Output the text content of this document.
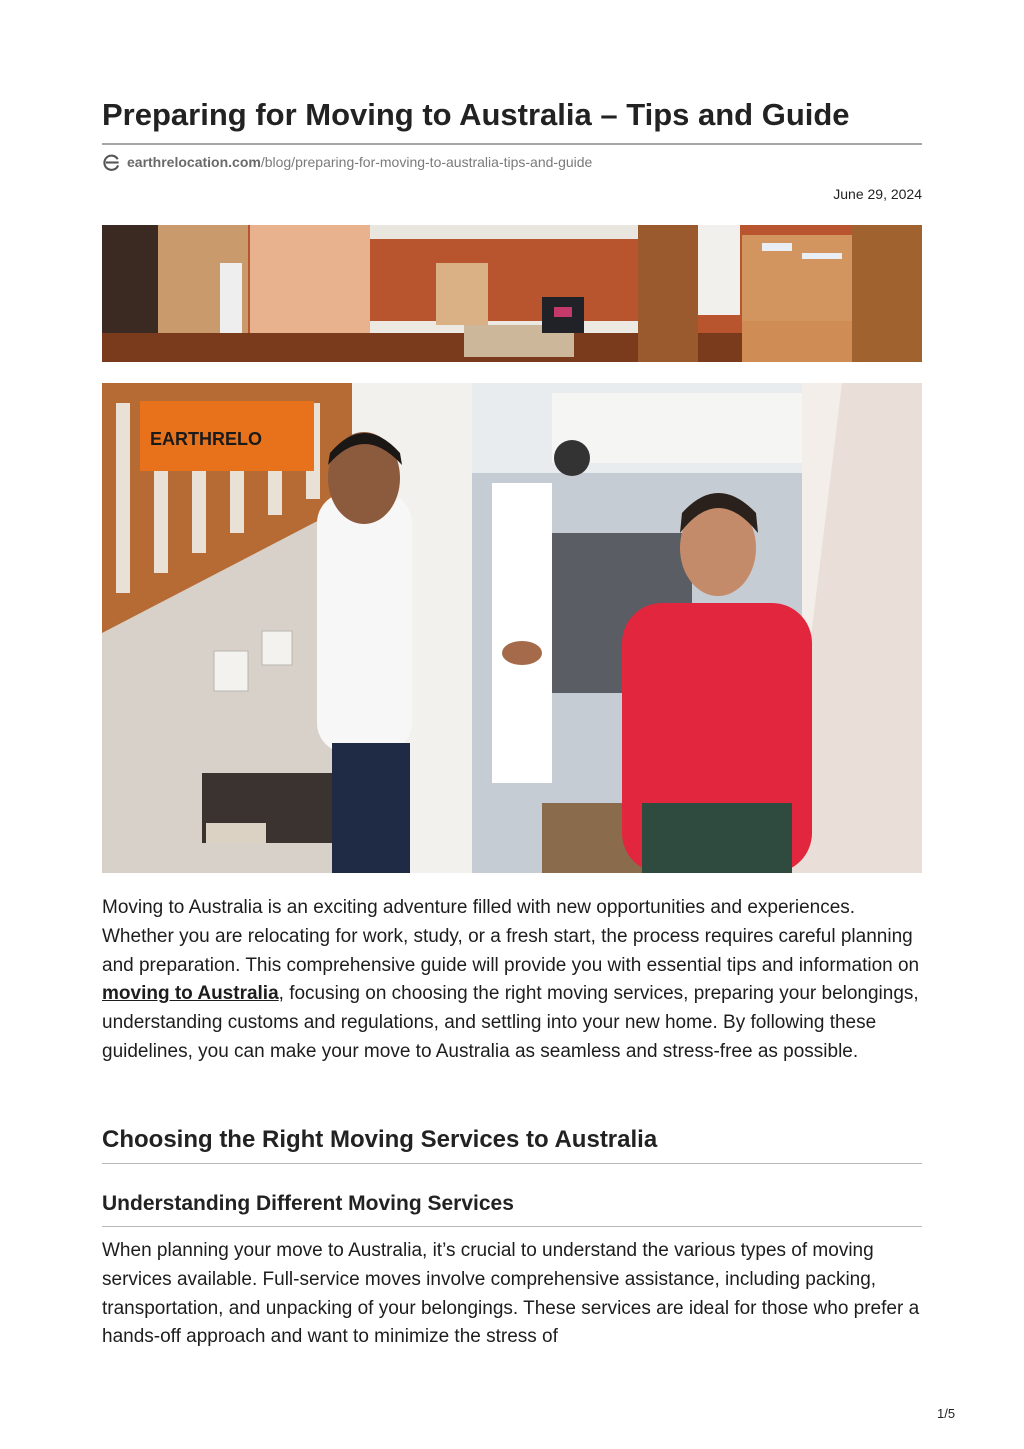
Preparing for Moving to Australia – Tips and Guide
earthrelocation.com /blog/preparing-for-moving-to-australia-tips-and-guide
June 29, 2024
EARTHRELO

Moving to Australia is an exciting adventure filled with new opportunities and experiences. Whether you are relocating for work, study, or a fresh start, the process requires careful planning and preparation. This comprehensive guide will provide you with essential tips and information on moving to Australia, focusing on choosing the right moving services, preparing your belongings, understanding customs and regulations, and settling into your new home. By following these guidelines, you can make your move to Australia as seamless and stress-free as possible.

Choosing the Right Moving Services to Australia
Understanding Different Moving Services

When planning your move to Australia, it’s crucial to understand the various types of moving services available. Full-service moves involve comprehensive assistance, including packing, transportation, and unpacking of your belongings. These services are ideal for those who prefer a hands-off approach and want to minimize the stress of

1/5
